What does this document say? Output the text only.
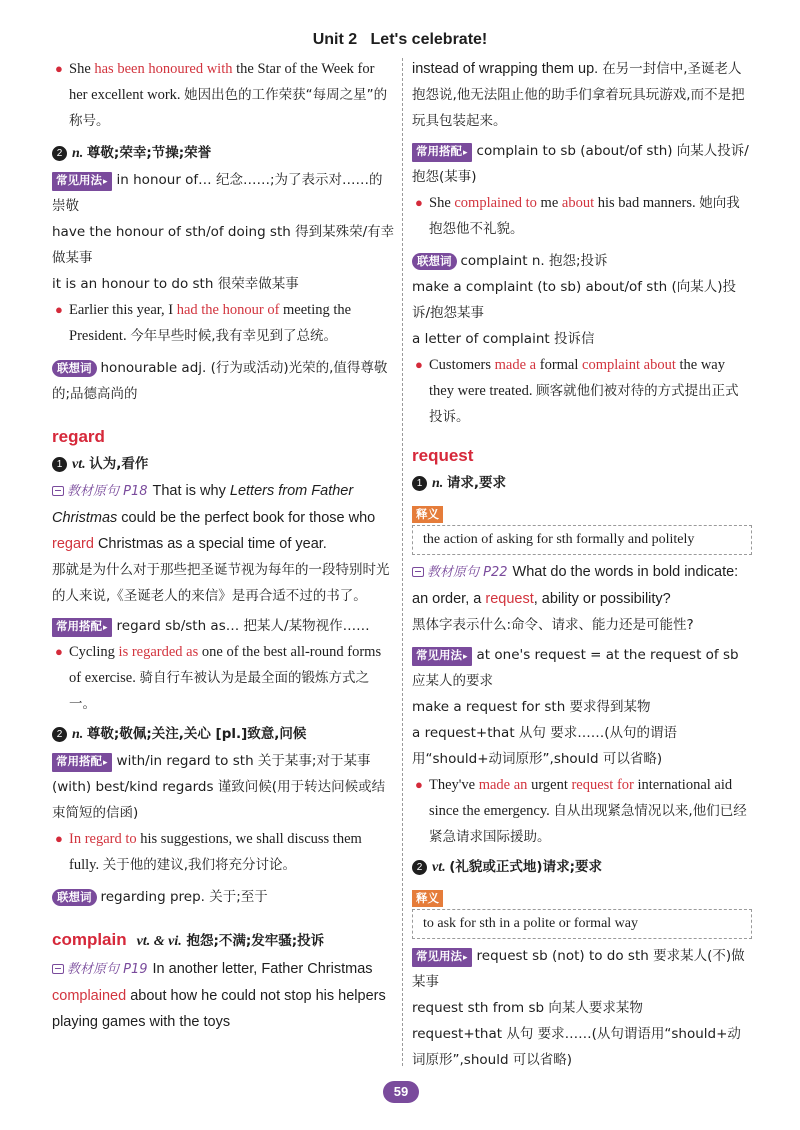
Unit 2 Let's celebrate!

● She has been honoured with the Star of the Week for her excellent work. 她因出色的工作荣获“每周之星”的称号。

2 n. 尊敬;荣幸;节操;荣誉

常见用法 ▸ in honour of… 纪念……;为了表示对……的崇敬

have the honour of sth/of doing sth 得到某殊荣/有幸做某事

it is an honour to do sth 很荣幸做某事

● Earlier this year, I had the honour of meeting the President. 今年早些时候,我有幸见到了总统。

联想词 honourable adj. (行为或活动)光荣的,值得尊敬的;品德高尚的

regard

1 vt. 认为,看作

教材原句 P18 That is why Letters from Father Christmas could be the perfect book for those who regard Christmas as a special time of year.

那就是为什么对于那些把圣诞节视为每年的一段特别时光的人来说,《圣诞老人的来信》是再合适不过的书了。

常用搭配 ▸ regard sb/sth as… 把某人/某物视作……

● Cycling is regarded as one of the best all-round forms of exercise. 骑自行车被认为是最全面的锻炼方式之一。

2 n. 尊敬;敬佩;关注,关心 [pl.]致意,问候

常用搭配 ▸ with/in regard to sth 关于某事;对于某事

(with) best/kind regards 谨致问候(用于转达问候或结束简短的信函)

● In regard to his suggestions, we shall discuss them fully. 关于他的建议,我们将充分讨论。

联想词 regarding prep. 关于;至于

complain vt. & vi. 抱怨;不满;发牢骚;投诉

教材原句 P19 In another letter, Father Christmas complained about how he could not stop his helpers playing games with the toys

instead of wrapping them up. 在另一封信中,圣诞老人抱怨说,他无法阻止他的助手们拿着玩具玩游戏,而不是把玩具包装起来。

常用搭配 ▸ complain to sb (about/of sth) 向某人投诉/抱怨(某事)

● She complained to me about his bad manners. 她向我抱怨他不礼貌。

联想词 complaint n. 抱怨;投诉

make a complaint (to sb) about/of sth (向某人)投诉/抱怨某事

a letter of complaint 投诉信

● Customers made a formal complaint about the way they were treated. 顾客就他们被对待的方式提出正式投诉。

request

1 n. 请求,要求

释义
the action of asking for sth formally and politely

教材原句 P22 What do the words in bold indicate: an order, a request, ability or possibility?

黑体字表示什么:命令、请求、能力还是可能性?

常见用法 ▸ at one's request = at the request of sb 应某人的要求

make a request for sth 要求得到某物

a request+that 从句 要求……(从句的谓语用“should+动词原形”,should 可以省略)

● They've made an urgent request for international aid since the emergency. 自从出现紧急情况以来,他们已经紧急请求国际援助。

2 vt. (礼貌或正式地)请求;要求

释义
to ask for sth in a polite or formal way

常见用法 ▸ request sb (not) to do sth 要求某人(不)做某事

request sth from sb 向某人要求某物

request+that 从句 要求……(从句谓语用“should+动词原形”,should 可以省略)

59
